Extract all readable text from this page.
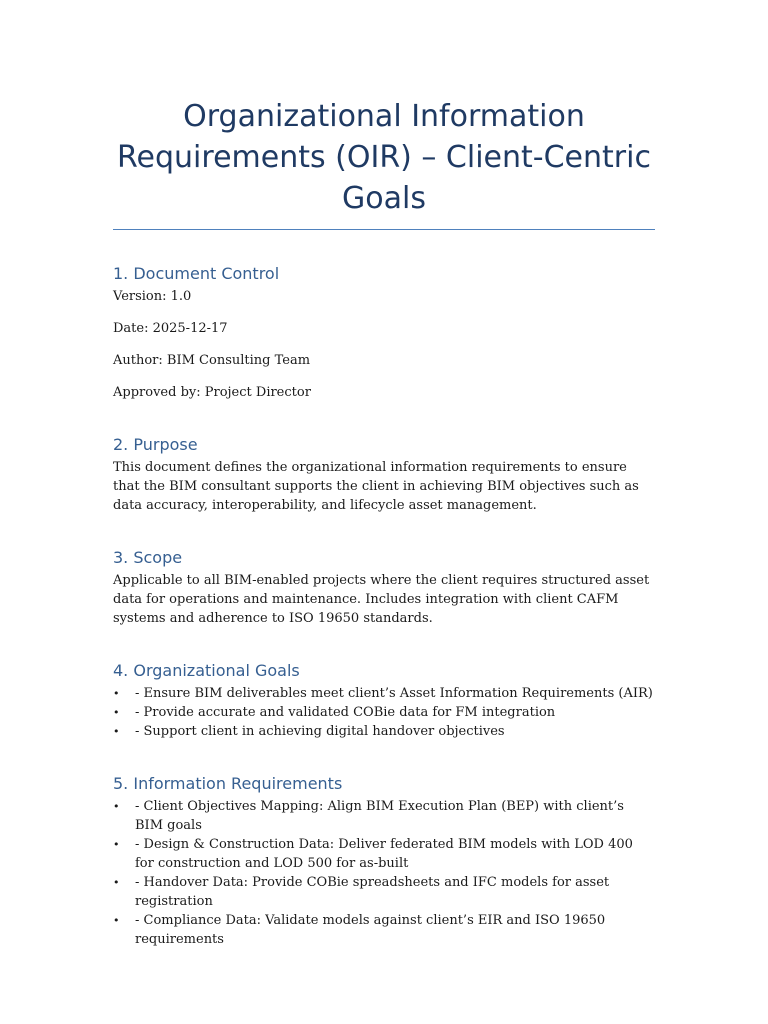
Organizational Information Requirements (OIR) – Client-Centric Goals
1. Document Control

Version: 1.0

Date: 2025-12-17

Author: BIM Consulting Team

Approved by: Project Director

2. Purpose

This document defines the organizational information requirements to ensure that the BIM consultant supports the client in achieving BIM objectives such as data accuracy, interoperability, and lifecycle asset management.

3. Scope

Applicable to all BIM-enabled projects where the client requires structured asset data for operations and maintenance. Includes integration with client CAFM systems and adherence to ISO 19650 standards.

4. Organizational Goals
•	- Ensure BIM deliverables meet client’s Asset Information Requirements (AIR)
•	- Provide accurate and validated COBie data for FM integration
•	- Support client in achieving digital handover objectives
5. Information Requirements
•	- Client Objectives Mapping: Align BIM Execution Plan (BEP) with client’s BIM goals
•	- Design & Construction Data: Deliver federated BIM models with LOD 400 for construction and LOD 500 for as-built
•	- Handover Data: Provide COBie spreadsheets and IFC models for asset registration
•	- Compliance Data: Validate models against client’s EIR and ISO 19650 requirements
